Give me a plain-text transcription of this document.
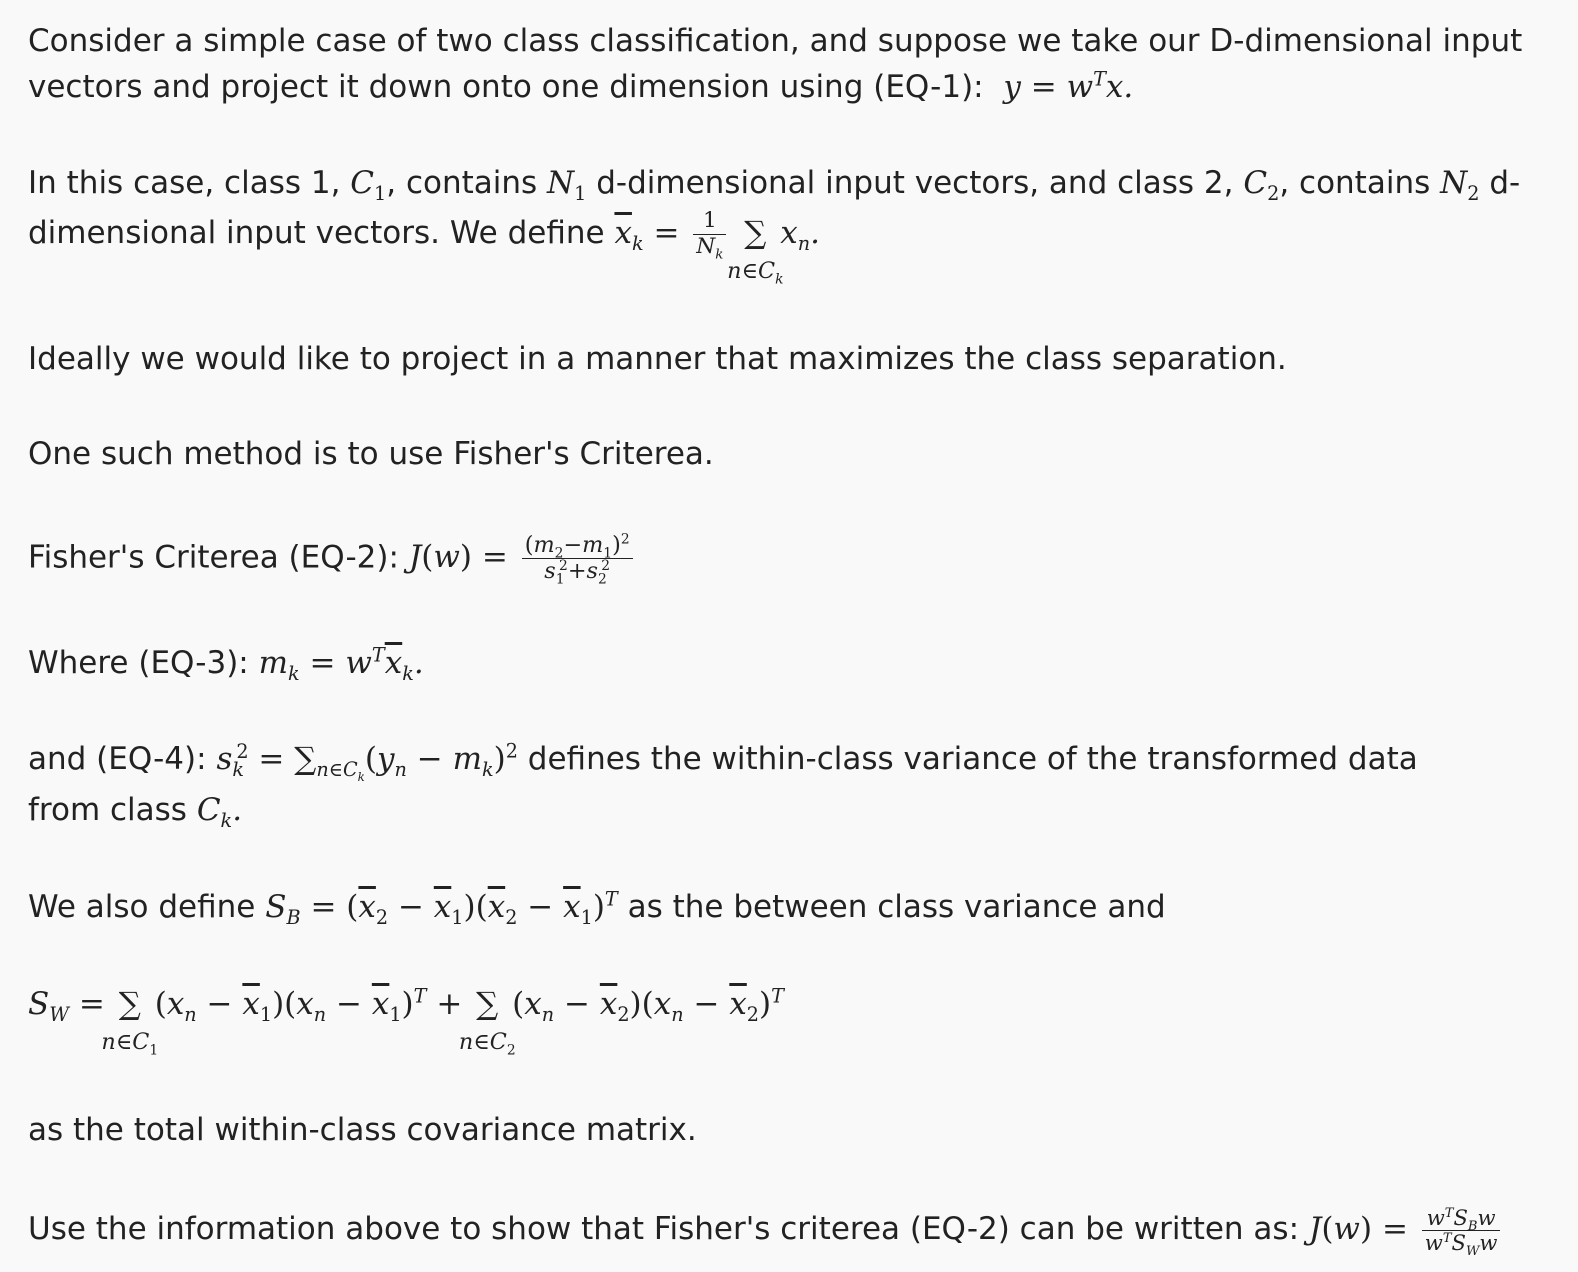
Consider a simple case of two class classification, and suppose we take our D-dimensional input
vectors and project it down onto one dimension using (EQ-1):  $y = w^Tx$.
In this case, class 1, $C_1$, contains $N_1$ d-dimensional input vectors, and class 2, $C_2$, contains $N_2$ d-
dimensional input vectors. We define $\overline{x}_k = \frac{1}{N_k}$ ∑
$n\in C_k$
$x_n$.
Ideally we would like to project in a manner that maximizes the class separation.
One such method is to use Fisher's Criterea.
Fisher's Criterea (EQ-2): $J(w) = \frac{(m_2-m_1)^2}{s_1^2+s_2^2}$
Where (EQ-3): $m_k = w^T\overline{x}_k$.
and (EQ-4): $s_k^2 = \sum_{n\in C_k}(y_n - m_k)^2$ defines the within-class variance of the transformed data
from class $C_k$.
We also define $S_B = (\overline{x}_2 - \overline{x}_1)(\overline{x}_2 - \overline{x}_1)^T$ as the between class variance and
$S_W$ = ∑
$n\in C_1$
$(x_n - \overline{x}_1)(x_n - \overline{x}_1)^T$ + ∑
$n\in C_2$
$(x_n - \overline{x}_2)(x_n - \overline{x}_2)^T$
as the total within-class covariance matrix.
Use the information above to show that Fisher's criterea (EQ-2) can be written as: $J(w) = \frac{w^TS_Bw}{w^TS_Ww}$
